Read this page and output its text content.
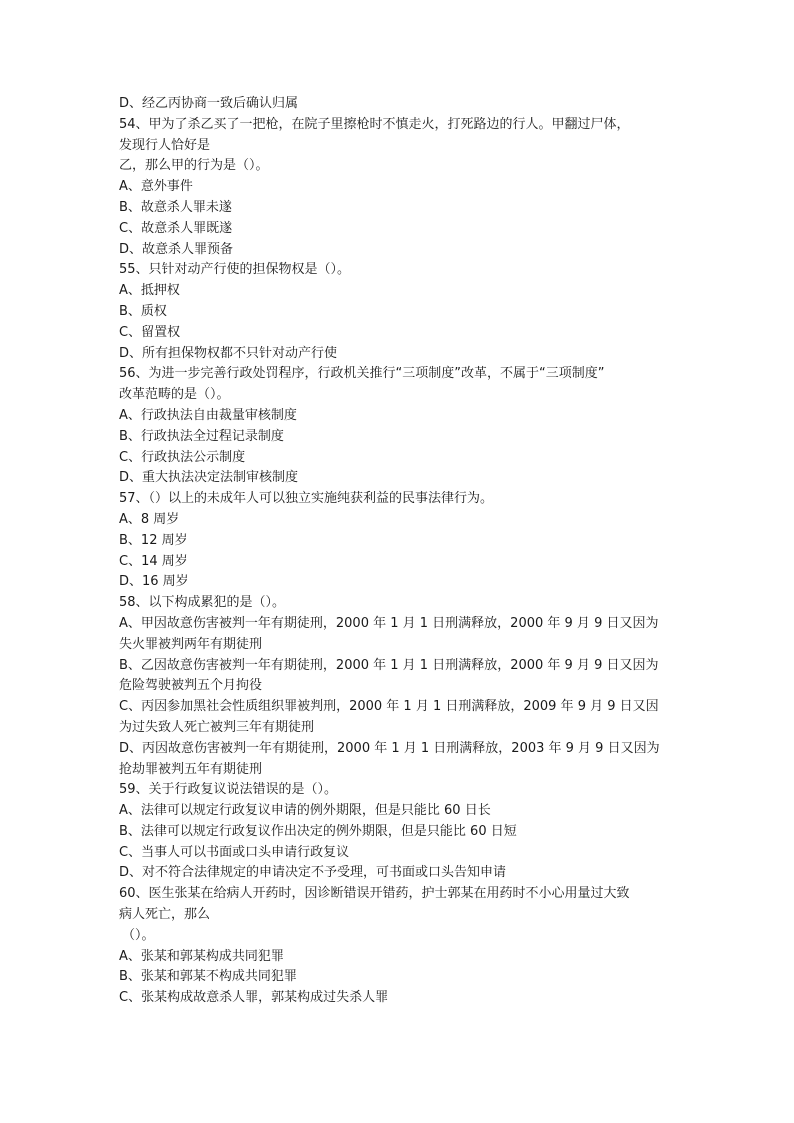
D、经乙丙协商一致后确认归属
54、甲为了杀乙买了一把枪，在院子里擦枪时不慎走火，打死路边的行人。甲翻过尸体，
发现行人恰好是
乙，那么甲的行为是（）。
A、意外事件
B、故意杀人罪未遂
C、故意杀人罪既遂
D、故意杀人罪预备
55、只针对动产行使的担保物权是（）。
A、抵押权
B、质权
C、留置权
D、所有担保物权都不只针对动产行使
56、为进一步完善行政处罚程序，行政机关推行“三项制度”改革，不属于“三项制度”
改革范畴的是（）。
A、行政执法自由裁量审核制度
B、行政执法全过程记录制度
C、行政执法公示制度
D、重大执法决定法制审核制度
57、（）以上的未成年人可以独立实施纯获利益的民事法律行为。
A、8 周岁
B、12 周岁
C、14 周岁
D、16 周岁
58、以下构成累犯的是（）。
A、甲因故意伤害被判一年有期徒刑，2000 年 1 月 1 日刑满释放，2000 年 9 月 9 日又因为
失火罪被判两年有期徒刑
B、乙因故意伤害被判一年有期徒刑，2000 年 1 月 1 日刑满释放，2000 年 9 月 9 日又因为
危险驾驶被判五个月拘役
C、丙因参加黑社会性质组织罪被判刑，2000 年 1 月 1 日刑满释放，2009 年 9 月 9 日又因
为过失致人死亡被判三年有期徒刑
D、丙因故意伤害被判一年有期徒刑，2000 年 1 月 1 日刑满释放，2003 年 9 月 9 日又因为
抢劫罪被判五年有期徒刑
59、关于行政复议说法错误的是（）。
A、法律可以规定行政复议申请的例外期限，但是只能比 60 日长
B、法律可以规定行政复议作出决定的例外期限，但是只能比 60 日短
C、当事人可以书面或口头申请行政复议
D、对不符合法律规定的申请决定不予受理，可书面或口头告知申请
60、医生张某在给病人开药时，因诊断错误开错药，护士郭某在用药时不小心用量过大致
病人死亡，那么
（）。
A、张某和郭某构成共同犯罪
B、张某和郭某不构成共同犯罪
C、张某构成故意杀人罪，郭某构成过失杀人罪
